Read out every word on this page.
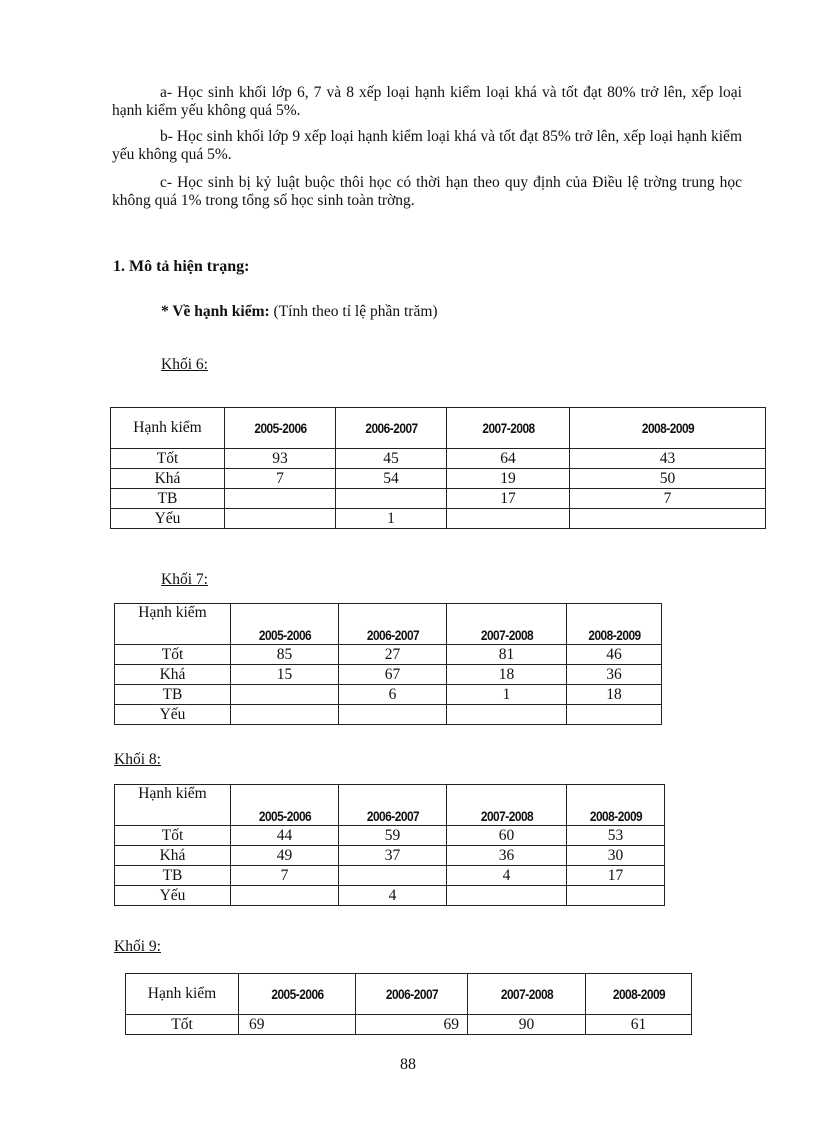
a- Học sinh khối lớp 6, 7 và 8 xếp loại hạnh kiểm loại khá và tốt đạt 80% trở lên, xếp loại hạnh kiểm yếu không quá 5%.

b- Học sinh khối lớp 9 xếp loại hạnh kiểm loại khá và tốt đạt 85% trở lên, xếp loại hạnh kiểm yếu không quá 5%.

c- Học sinh bị kỷ luật buộc thôi học có thời hạn theo quy định của Điều lệ trờng trung học không quá 1% trong tổng số học sinh toàn trờng.

1. Mô tả hiện trạng:

* Về hạnh kiểm: (Tính theo tỉ lệ phần trăm)

Khối 6:

Hạnh kiểm	2005-2006	2006-2007	2007-2008	2008-2009
Tốt	93	45	64	43
Khá	7	54	19	50
TB			17	7
Yếu		1		

Khối 7:

Hạnh kiểm	2005-2006	2006-2007	2007-2008	2008-2009
Tốt	85	27	81	46
Khá	15	67	18	36
TB		6	1	18
Yếu				

Khối 8:

Hạnh kiểm	2005-2006	2006-2007	2007-2008	2008-2009
Tốt	44	59	60	53
Khá	49	37	36	30
TB	7		4	17
Yếu		4		

Khối 9:

Hạnh kiểm	2005-2006	2006-2007	2007-2008	2008-2009
Tốt	69	69	90	61

88
